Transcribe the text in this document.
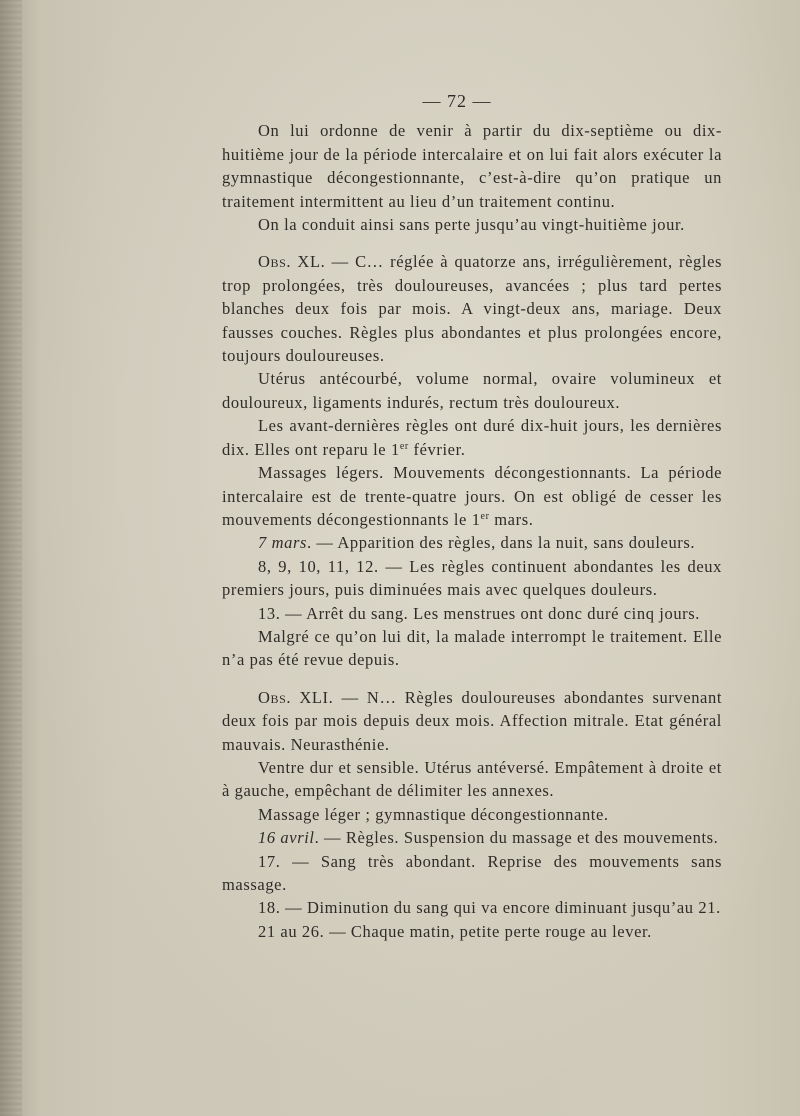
— 72 —

On lui ordonne de venir à partir du dix-septième ou dix-huitième jour de la période intercalaire et on lui fait alors exécuter la gymnastique décongestionnante, c’est-à-dire qu’on pratique un traitement intermittent au lieu d’un traitement continu.

On la conduit ainsi sans perte jusqu’au vingt-huitième jour.

Obs. XL. — C… réglée à quatorze ans, irrégulièrement, règles trop prolongées, très douloureuses, avancées ; plus tard pertes blanches deux fois par mois. A vingt-deux ans, mariage. Deux fausses couches. Règles plus abondantes et plus prolongées encore, toujours douloureuses.

Utérus antécourbé, volume normal, ovaire volumineux et douloureux, ligaments indurés, rectum très douloureux.

Les avant-dernières règles ont duré dix-huit jours, les dernières dix. Elles ont reparu le 1er février.

Massages légers. Mouvements décongestionnants. La période intercalaire est de trente-quatre jours. On est obligé de cesser les mouvements décongestionnants le 1er mars.

7 mars. — Apparition des règles, dans la nuit, sans douleurs.

8, 9, 10, 11, 12. — Les règles continuent abondantes les deux premiers jours, puis diminuées mais avec quelques douleurs.

13. — Arrêt du sang. Les menstrues ont donc duré cinq jours.

Malgré ce qu’on lui dit, la malade interrompt le traitement. Elle n’a pas été revue depuis.

Obs. XLI. — N… Règles douloureuses abondantes survenant deux fois par mois depuis deux mois. Affection mitrale. Etat général mauvais. Neurasthénie.

Ventre dur et sensible. Utérus antéversé. Empâtement à droite et à gauche, empêchant de délimiter les annexes.

Massage léger ; gymnastique décongestionnante.

16 avril. — Règles. Suspension du massage et des mouvements.

17. — Sang très abondant. Reprise des mouvements sans massage.

18. — Diminution du sang qui va encore diminuant jusqu’au 21.

21 au 26. — Chaque matin, petite perte rouge au lever.
